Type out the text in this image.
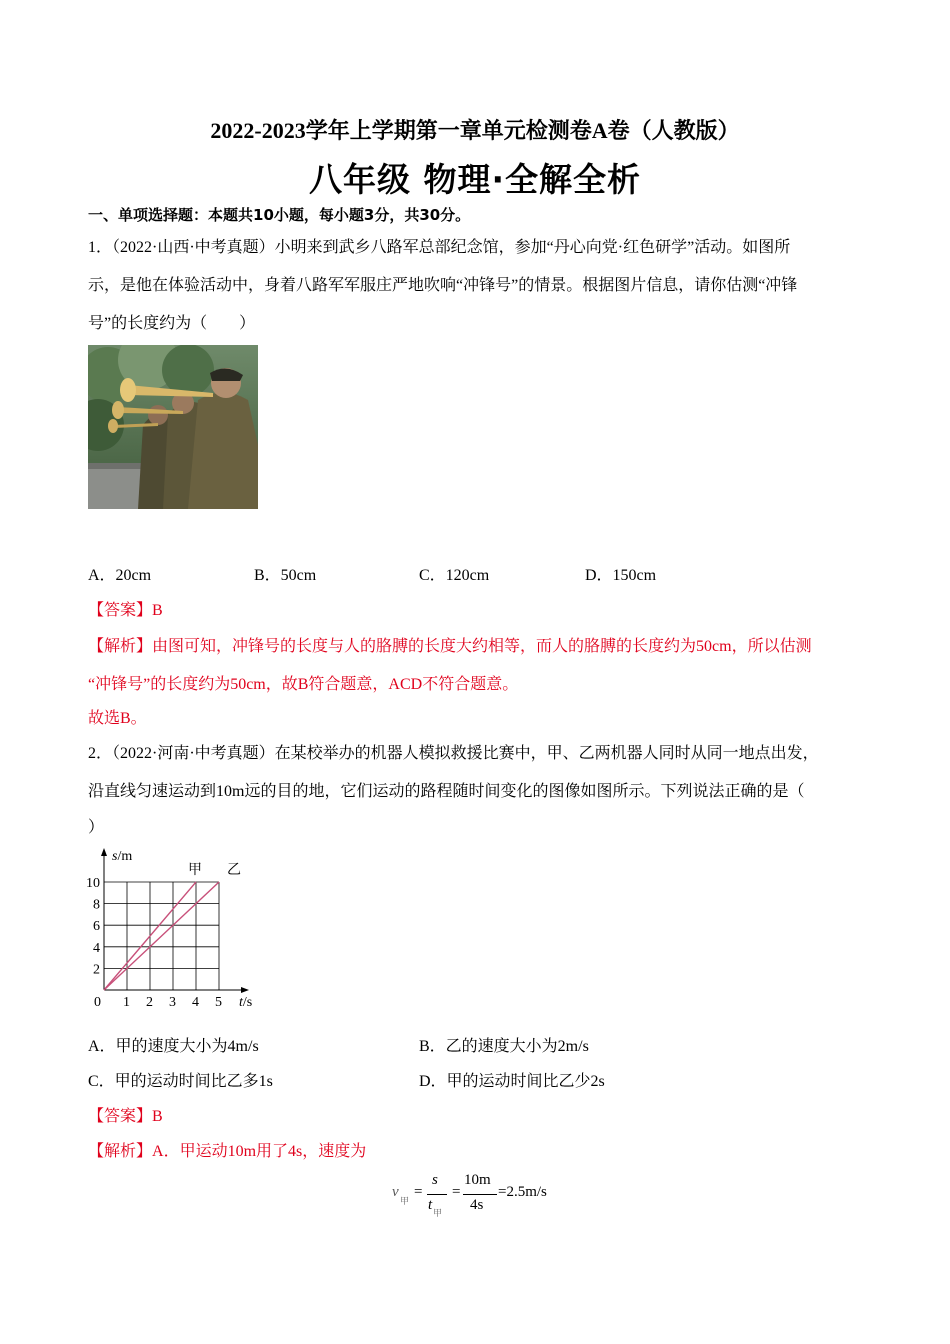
2022-2023学年上学期第一章单元检测卷A卷（人教版）
八年级 物理·全解全析
一、单项选择题：本题共10小题，每小题3分，共30分。
1．（2022·山西·中考真题）小明来到武乡八路军总部纪念馆，参加“丹心向党·红色研学”活动。如图所
示，是他在体验活动中，身着八路军军服庄严地吹响“冲锋号”的情景。根据图片信息，请你估测“冲锋
号”的长度约为（　　）
A．20cm	B．50cm	C．120cm	D．150cm
【答案】B
【解析】由图可知，冲锋号的长度与人的胳膊的长度大约相等，而人的胳膊的长度约为50cm，所以估测
“冲锋号”的长度约为50cm，故B符合题意，ACD不符合题意。
故选B。
2．（2022·河南·中考真题）在某校举办的机器人模拟救援比赛中，甲、乙两机器人同时从同一地点出发，
沿直线匀速运动到10m远的目的地，它们运动的路程随时间变化的图像如图所示。下列说法正确的是（
）
甲 乙
0 1 2 3 4 5
2
4
6
8
10
s/m
t/s
A．甲的速度大小为4m/s	B．乙的速度大小为2m/s
C．甲的运动时间比乙多1s	D．甲的运动时间比乙少2s
【答案】B
【解析】A．甲运动10m用了4s，速度为
v
甲
=
s
t 甲
=
10m
4s
=2.5m/s
